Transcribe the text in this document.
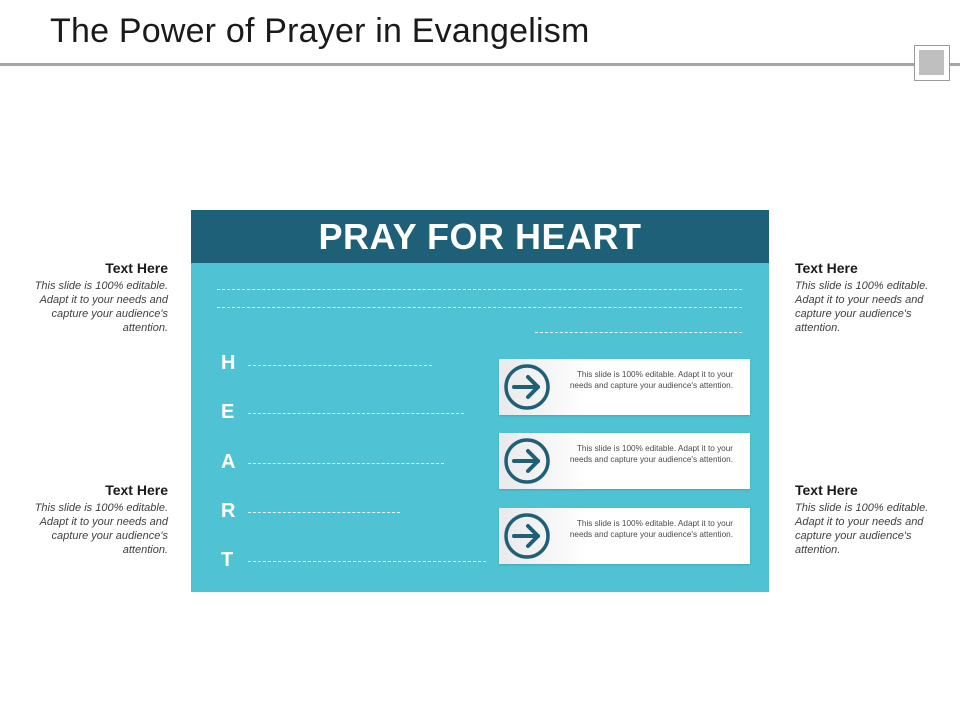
The Power of Prayer in Evangelism
Text Here
This slide is 100% editable. Adapt it to your needs and capture your audience's attention.
Text Here
This slide is 100% editable. Adapt it to your needs and capture your audience's attention.
Text Here
This slide is 100% editable. Adapt it to your needs and capture your audience's attention.
Text Here
This slide is 100% editable. Adapt it to your needs and capture your audience's attention.
PRAY FOR HEART
H
E
A
R
T
This slide is 100% editable. Adapt it to your needs and capture your audience's attention.
This slide is 100% editable. Adapt it to your needs and capture your audience's attention.
This slide is 100% editable. Adapt it to your needs and capture your audience's attention.
